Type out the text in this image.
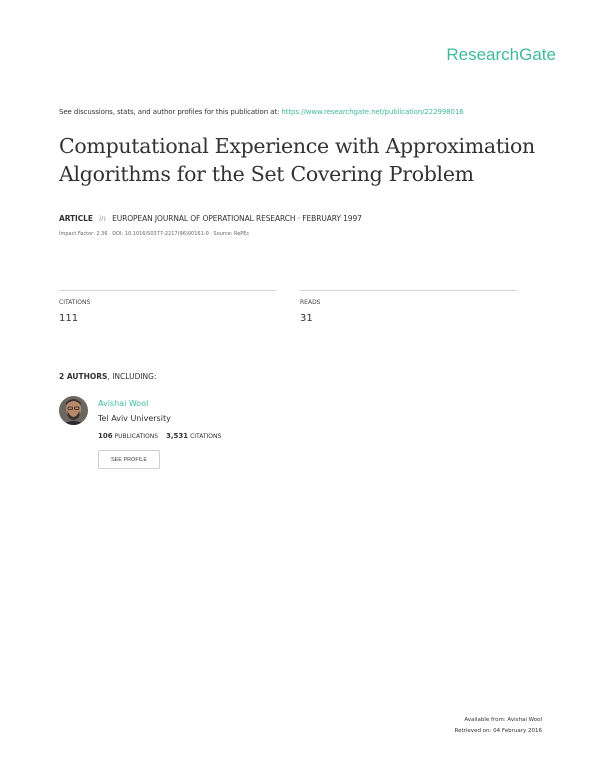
ResearchGate
See discussions, stats, and author profiles for this publication at: https://www.researchgate.net/publication/222998016
Computational Experience with Approximation
Algorithms for the Set Covering Problem
ARTICLE in EUROPEAN JOURNAL OF OPERATIONAL RESEARCH · FEBRUARY 1997
Impact Factor: 2.36 · DOI: 10.1016/S0377-2217(96)00161-0 · Source: RePEc
CITATIONS
111
READS
31
2 AUTHORS, INCLUDING:
Avishai Wool
Tel Aviv University
106 PUBLICATIONS 3,531 CITATIONS
SEE PROFILE
Available from: Avishai Wool
Retrieved on: 04 February 2016
